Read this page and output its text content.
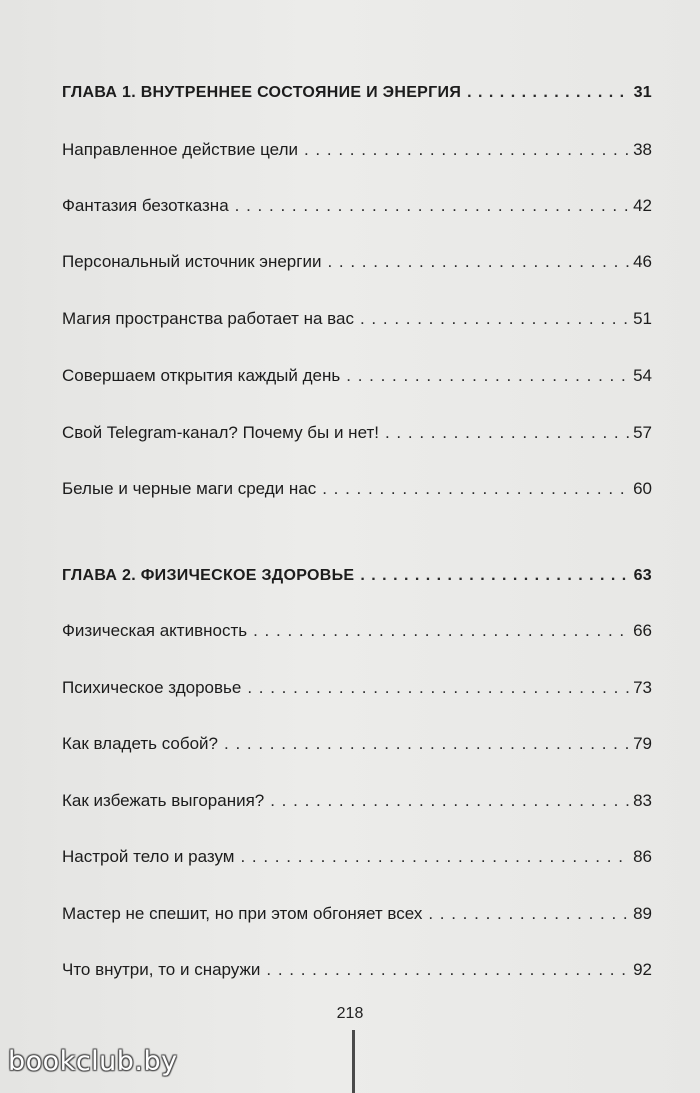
ГЛАВА 1. ВНУТРЕННЕЕ СОСТОЯНИЕ И ЭНЕРГИЯ . . .	31
Направленное действие цели . . .	38
Фантазия безотказна . . .	42
Персональный источник энергии . . .	46
Магия пространства работает на вас . . .	51
Совершаем открытия каждый день . . .	54
Свой Telegram-канал? Почему бы и нет! . . .	57
Белые и черные маги среди нас . . .	60
ГЛАВА 2. ФИЗИЧЕСКОЕ ЗДОРОВЬЕ . . .	63
Физическая активность . . .	66
Психическое здоровье . . .	73
Как владеть собой? . . .	79
Как избежать выгорания? . . .	83
Настрой тело и разум . . .	86
Мастер не спешит, но при этом обгоняет всех . . .	89
Что внутри, то и снаружи . . .	92
218
bookclub.by
